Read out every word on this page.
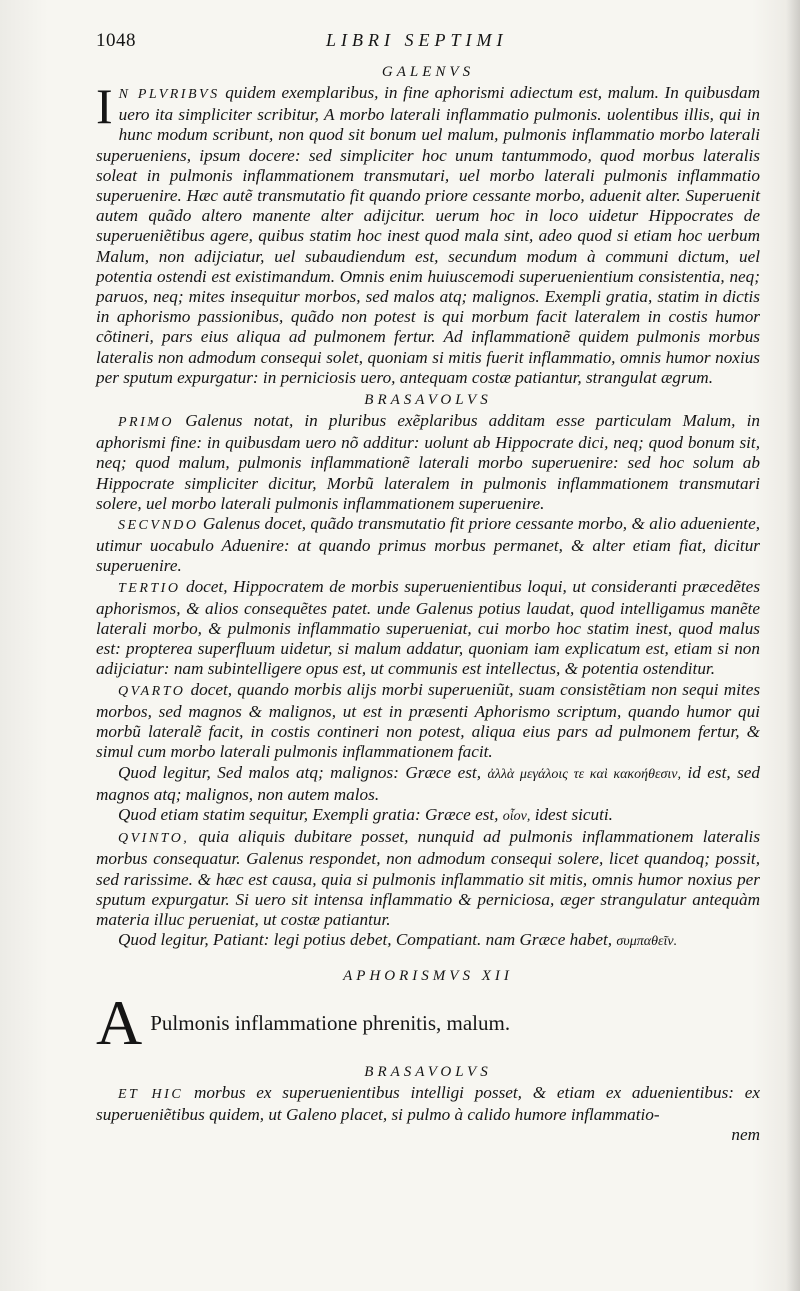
1048	LIBRI SEPTIMI
GALENVS

I N PLVRIBVS quidem exemplaribus, in fine aphorismi adiectum est, malum. In quibusdam uero ita simpliciter scribitur, A morbo laterali inflammatio pulmonis. uolentibus illis, qui in hunc modum scribunt, non quod sit bonum uel malum, pulmonis inflammatio morbo laterali superueniens, ipsum docere: sed simpliciter hoc unum tantummodo, quod morbus lateralis soleat in pulmonis inflammationem transmutari, uel morbo laterali pulmonis inflammatio superuenire. Hæc autẽ transmutatio fit quando priore cessante morbo, aduenit alter. Superuenit autem quãdo altero manente alter adijcitur. uerum hoc in loco uidetur Hippocrates de superueniẽtibus agere, quibus statim hoc inest quod mala sint, adeo quod si etiam hoc uerbum Malum, non adijciatur, uel subaudiendum est, secundum modum à communi dictum, uel potentia ostendi est existimandum. Omnis enim huiuscemodi superuenientium consistentia, neq; paruos, neq; mites insequitur morbos, sed malos atq; malignos. Exempli gratia, statim in dictis in aphorismo passionibus, quãdo non potest is qui morbum facit lateralem in costis humor cõtineri, pars eius aliqua ad pulmonem fertur. Ad inflammationẽ quidem pulmonis morbus lateralis non admodum consequi solet, quoniam si mitis fuerit inflammatio, omnis humor noxius per sputum expurgatur: in perniciosis uero, antequam costæ patiantur, strangulat ægrum.

BRASAVOLVS

PRIMO Galenus notat, in pluribus exẽplaribus additam esse particulam Malum, in aphorismi fine: in quibusdam uero nõ additur: uolunt ab Hippocrate dici, neq; quod bonum sit, neq; quod malum, pulmonis inflammationẽ laterali morbo superuenire: sed hoc solum ab Hippocrate simpliciter dicitur, Morbũ lateralem in pulmonis inflammationem transmutari solere, uel morbo laterali pulmonis inflammationem superuenire.

SECVNDO Galenus docet, quãdo transmutatio fit priore cessante morbo, & alio adueniente, utimur uocabulo Aduenire: at quando primus morbus permanet, & alter etiam fiat, dicitur superuenire.

TERTIO docet, Hippocratem de morbis superuenientibus loqui, ut consideranti præcedẽtes aphorismos, & alios consequẽtes patet. unde Galenus potius laudat, quod intelligamus manẽte laterali morbo, & pulmonis inflammatio superueniat, cui morbo hoc statim inest, quod malus est: propterea superfluum uidetur, si malum addatur, quoniam iam explicatum est, etiam si non adijciatur: nam subintelligere opus est, ut communis est intellectus, & potentia ostenditur.

QVARTO docet, quando morbis alijs morbi superueniũt, suam consistẽtiam non sequi mites morbos, sed magnos & malignos, ut est in præsenti Aphorismo scriptum, quando humor qui morbũ lateralẽ facit, in costis contineri non potest, aliqua eius pars ad pulmonem fertur, & simul cum morbo laterali pulmonis inflammationem facit.

Quod legitur, Sed malos atq; malignos: Græce est, ἀλλὰ μεγάλοις τε καὶ κακοήθεσιν, id est, sed magnos atq; malignos, non autem malos.

Quod etiam statim sequitur, Exempli gratia: Græce est, οἷον, idest sicuti.

QVINTO, quia aliquis dubitare posset, nunquid ad pulmonis inflammationem lateralis morbus consequatur. Galenus respondet, non admodum consequi solere, licet quandoq; possit, sed rarissime. & hæc est causa, quia si pulmonis inflammatio sit mitis, omnis humor noxius per sputum expurgatur. Si uero sit intensa inflammatio & perniciosa, æger strangulatur antequàm materia illuc perueniat, ut costæ patiantur.

Quod legitur, Patiant: legi potius debet, Compatiant. nam Græce habet, συμπαθεῖν.

APHORISMVS XII
A Pulmonis inflammatione phrenitis, malum.
BRASAVOLVS

ET HIC morbus ex superuenientibus intelligi posset, & etiam ex aduenientibus: ex superueniẽtibus quidem, ut Galeno placet, si pulmo à calido humore inflammatio-

nem
